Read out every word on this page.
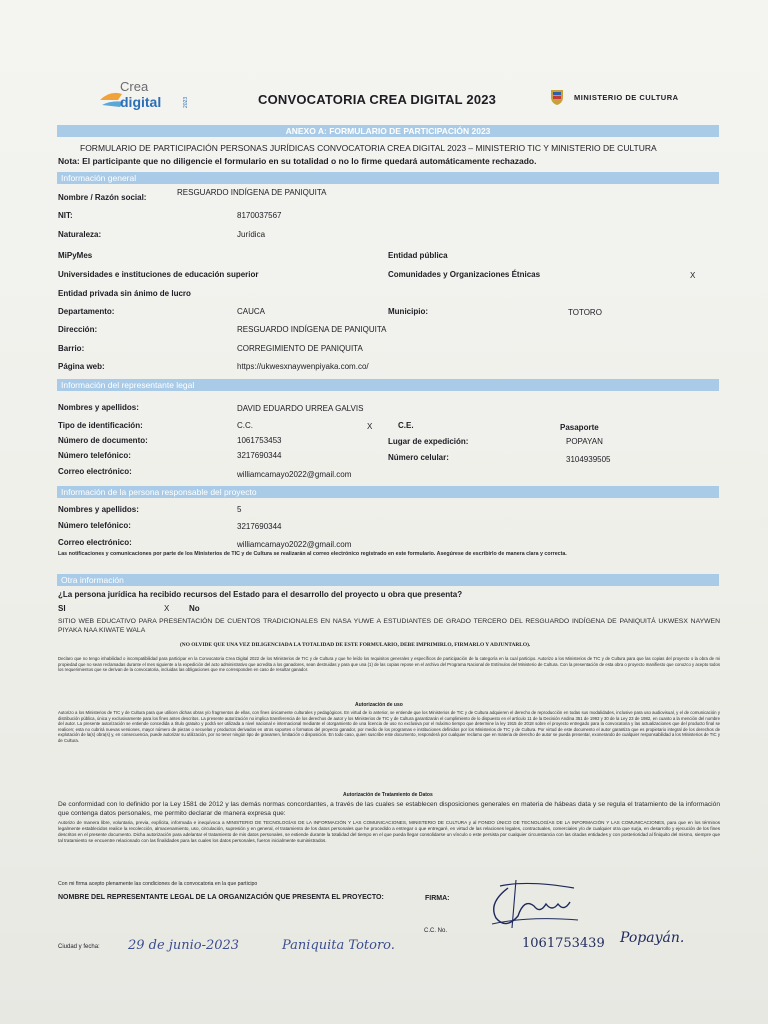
Crea
digital	2023	CONVOCATORIA CREA DIGITAL 2023	MINISTERIO DE CULTURA
ANEXO A: FORMULARIO DE PARTICIPACIÓN 2023
FORMULARIO DE PARTICIPACIÓN PERSONAS JURÍDICAS CONVOCATORIA CREA DIGITAL 2023 – MINISTERIO TIC Y MINISTERIO DE CULTURA
Nota: El participante que no diligencie el formulario en su totalidad o no lo firme quedará automáticamente rechazado.
Información general
Nombre / Razón social:
RESGUARDO INDÍGENA DE PANIQUITA
NIT:	8170037567
Naturaleza:	Jurídica
MiPyMes	Entidad pública
Universidades e instituciones de educación superior	Comunidades y Organizaciones Étnicas	X
Entidad privada sin ánimo de lucro
Departamento:	CAUCA	Municipio:	TOTORO
Dirección:	RESGUARDO INDÍGENA DE PANIQUITA
Barrio:	CORREGIMIENTO DE PANIQUITA
Página web:	https://ukwesxnaywenpiyaka.com.co/
Información del representante legal
Nombres y apellidos:	DAVID EDUARDO URREA GALVIS
Tipo de identificación:	C.C.	X	C.E.	Pasaporte
Número de documento:	1061753453	Lugar de expedición:	POPAYAN
Número telefónico:	3217690344	Número celular:	3104939505
Correo electrónico:	williamcamayo2022@gmail.com
Información de la persona responsable del proyecto
Nombres y apellidos:	5
Número telefónico:	3217690344
Correo electrónico:	williamcamayo2022@gmail.com
Las notificaciones y comunicaciones por parte de los Ministerios de TIC y de Cultura se realizarán al correo electrónico registrado en este formulario. Asegúrese de escribirlo de manera clara y correcta.
Otra información
¿La persona jurídica ha recibido recursos del Estado para el desarrollo del proyecto u obra que presenta?
SI	X No
SITIO WEB EDUCATIVO PARA PRESENTACIÓN DE CUENTOS TRADICIONALES EN NASA YUWE A ESTUDIANTES DE GRADO TERCERO DEL RESGUARDO INDÍGENA DE PANIQUITÁ UKWESX NAYWEN PIYAKA NAA KIWATE WALA
(NO OLVIDE QUE UNA VEZ DILIGENCIADA LA TOTALIDAD DE ESTE FORMULARIO, DEBE IMPRIMIRLO, FIRMARLO Y ADJUNTARLO).
Declaro que no tengo inhabilidad o incompatibilidad para participar en la Convocatoria Crea Digital 2022 de los Ministerios de TIC y de Cultura y que he leído los requisitos generales y específicos de participación de la categoría en la cual participo. Autorizo a los Ministerios de TIC y de Cultura para que las copias del proyecto o la obra de mi propiedad que no sean reclamadas durante el mes siguiente a la expedición del acto administrativo que acredita a los ganadores, sean destruidas y para que una (1) de las copias repose en el archivo del Programa Nacional de Estímulos del Ministerio de Cultura. Con la presentación de esta obra o proyecto manifiesto que conozco y acepto todos los requerimientos que se derivan de la convocatoria, incluidas las obligaciones que me corresponden en caso de resultar ganador.
Autorización de uso
Autorizo a los Ministerios de TIC y de Cultura para que utilicen dichas obras y/o fragmentos de ellas, con fines únicamente culturales y pedagógicos. En virtud de lo anterior, se entiende que los Ministerios de TIC y de Cultura adquieren el derecho de reproducción en todas sus modalidades, inclusive para uso audiovisual, y el de comunicación y distribución pública, única y exclusivamente para los fines antes descritos. La presente autorización no implica transferencia de los derechos de autor y los Ministerios de TIC y de Cultura garantizarán el cumplimiento de lo dispuesto en el artículo 11 de la Decisión Andina 351 de 1993 y 30 de la Ley 23 de 1982, en cuanto a la mención del nombre del autor. La presente autorización se entiende concedida a título gratuito y podrá ser utilizada a nivel nacional e internacional mediante el otorgamiento de una licencia de uso no exclusiva por el máximo tiempo que determine la ley 1915 de 2018 sobre el proyecto entregado para la convocatoria y las actualizaciones que del producto final se realicen; esta no cubrirá nuevas versiones, mayor número de piezas o secuelas y productos derivados en otros soportes o formatos del proyecto ganador, por medio de los programas e instituciones definidos por los Ministerios de TIC y de Cultura. Por virtud de este documento el autor garantiza que es propietario integral de los derechos de explotación de la(s) obra(s) y, en consecuencia, puede autorizar su utilización, por no tener ningún tipo de gravamen, limitación o disposición. En todo caso, quien suscribe este documento, responderá por cualquier reclamo que en materia de derecho de autor se pueda presentar, exonerando de cualquier responsabilidad a los Ministerios de TIC y de Cultura.
Autorización de Tratamiento de Datos
De conformidad con lo definido por la Ley 1581 de 2012 y las demás normas concordantes, a través de las cuales se establecen disposiciones generales en materia de hábeas data y se regula el tratamiento de la información que contenga datos personales, me permito declarar de manera expresa que:
Autorizo de manera libre, voluntaria, previa, explícita, informada e inequívoca a MINISTERIO DE TECNOLOGÍAS DE LA INFORMACIÓN Y LAS COMUNICACIONES, MINISTERIO DE CULTURA y al FONDO ÚNICO DE TECNOLOGÍAS DE LA INFORMACIÓN Y LAS COMUNICACIONES, para que en los términos legalmente establecidos realice la recolección, almacenamiento, uso, circulación, supresión y en general, el tratamiento de los datos personales que he procedido a entregar o que entregaré, en virtud de las relaciones legales, contractuales, comerciales y/o de cualquier otra que surja, en desarrollo y ejecución de los fines descritos en el presente documento. Dicha autorización para adelantar el tratamiento de mis datos personales, se extiende durante la totalidad del tiempo en el que pueda llegar consolidarse un vínculo o este persista por cualquier circunstancia con las citadas entidades y con posterioridad al finiquito del mismo, siempre que tal tratamiento se encuentre relacionado con las finalidades para las cuales los datos personales, fueron inicialmente suministrados.
Con mi firma acepto plenamente las condiciones de la convocatoria en la que participo
NOMBRE DEL REPRESENTANTE LEGAL DE LA ORGANIZACIÓN QUE PRESENTA EL PROYECTO:	FIRMA:
C.C. No.
Ciudad y fecha: 29 de junio-2023	Paniquita Totoro.	1061753439 Popayán.
